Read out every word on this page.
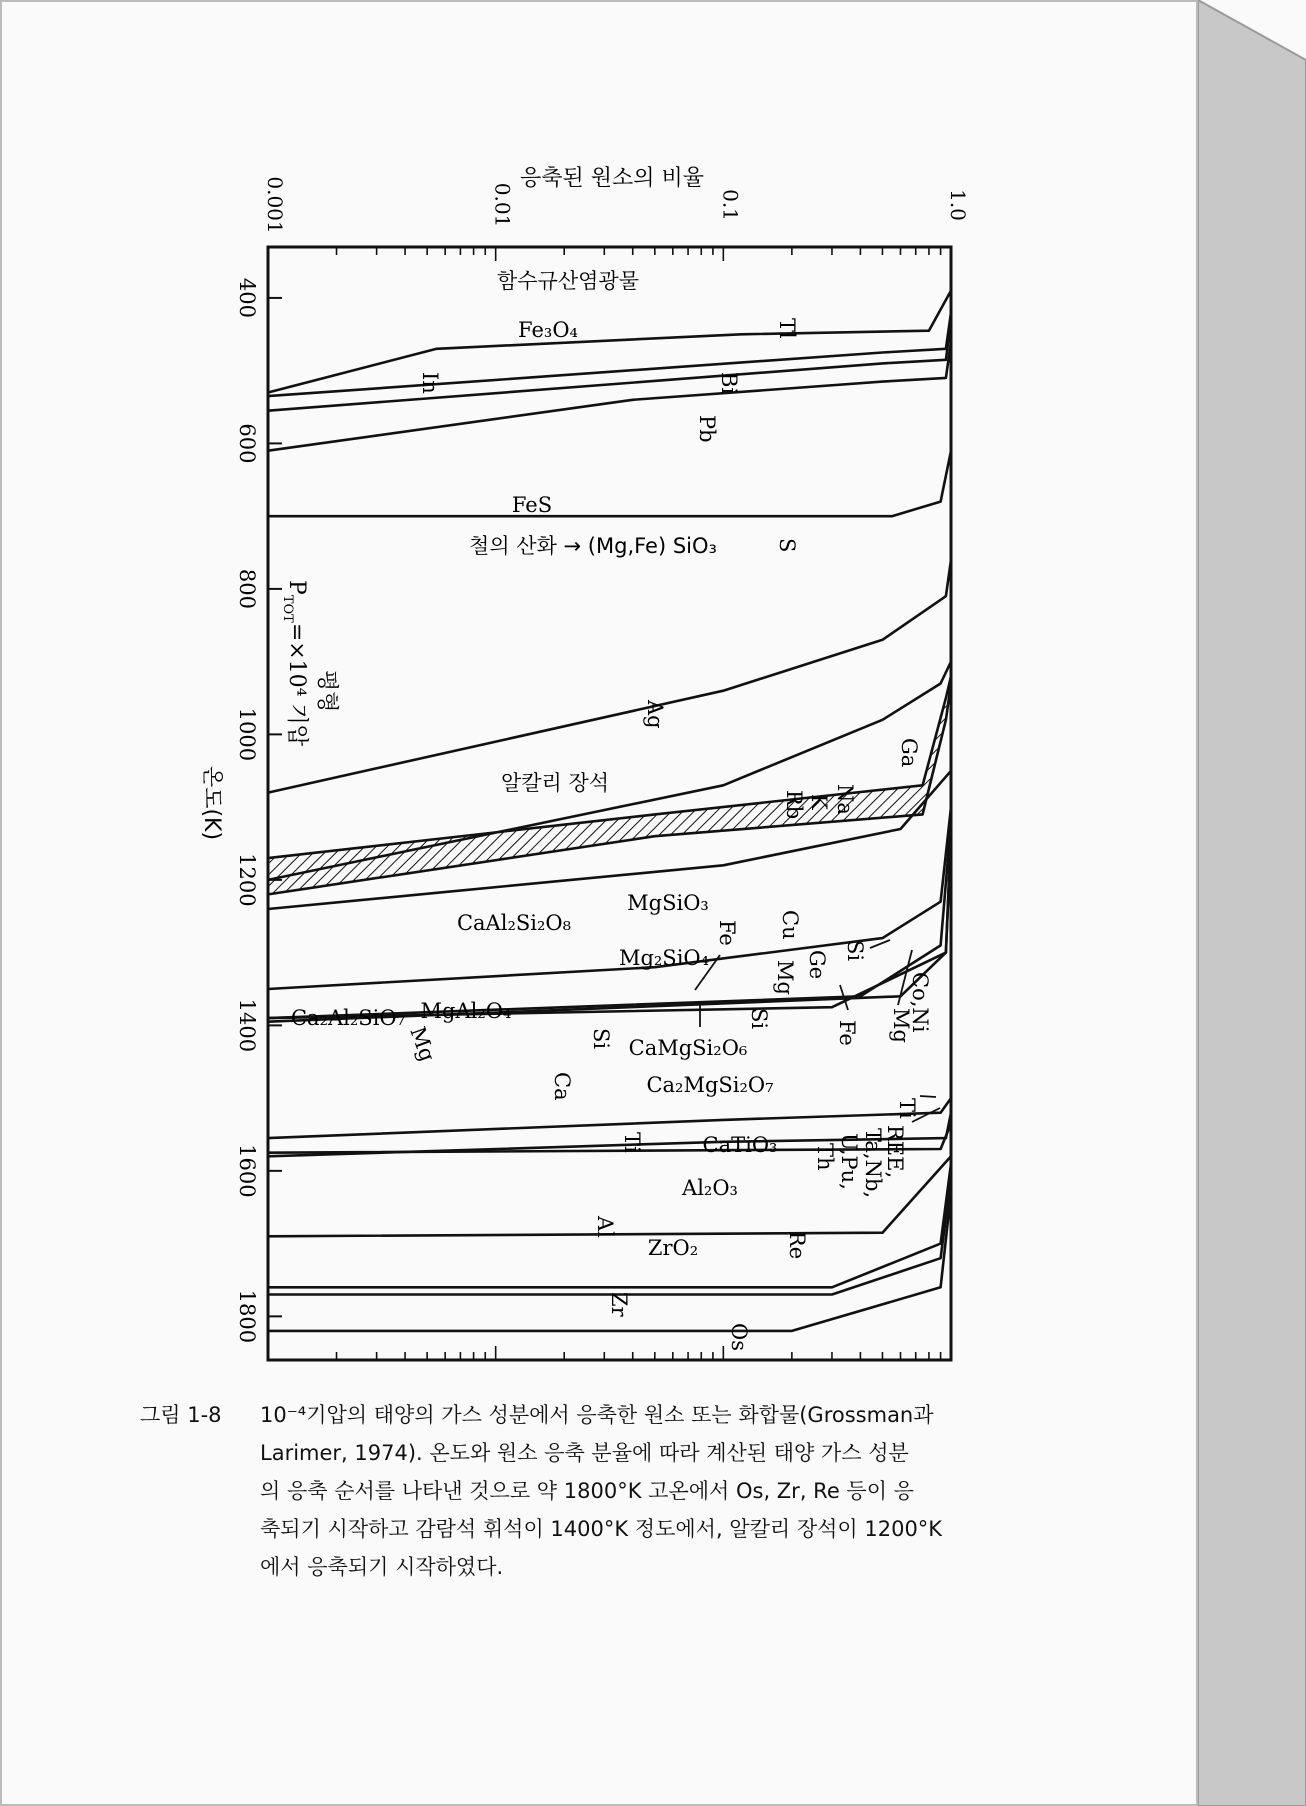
400
600
800
1000
1200
1400
1600
1800
0.001	0.01	0.1	1.0
응축된 원소의 비율
온도(K)
$P_{TOT}=\times 10^4$ 기압 평형
함수규산염광물
Fe₃O₄
FeS
철의 산화 → (Mg,Fe) SiO₃
알칼리 장석
CaAl₂Si₂O₈
MgSiO₃
Mg₂SiO₄
Ca₂Al₂SiO₇ MgAl₂O₄
CaMgSi₂O₆
Ca₂MgSi₂O₇
CaTiO₃
Al₂O₃
ZrO₂
Tl
In	Bi
Pb
S
Ag
Ga
Na
K
Rb
Cu
Fe
Ge
Mg
Si
Co,Ni
Fe Mg
Si
Si
Mg
Ca
Ti
Ti	REE,
Ta,Nb,
U,Pu,
Th
Al
Re
Zr
Os
그림 1-8	10⁻⁴기압의 태양의 가스 성분에서 응축한 원소 또는 화합물(Grossman과
Larimer, 1974). 온도와 원소 응축 분율에 따라 계산된 태양 가스 성분
의 응축 순서를 나타낸 것으로 약 1800°K 고온에서 Os, Zr, Re 등이 응
축되기 시작하고 감람석 휘석이 1400°K 정도에서, 알칼리 장석이 1200°K
에서 응축되기 시작하였다.
